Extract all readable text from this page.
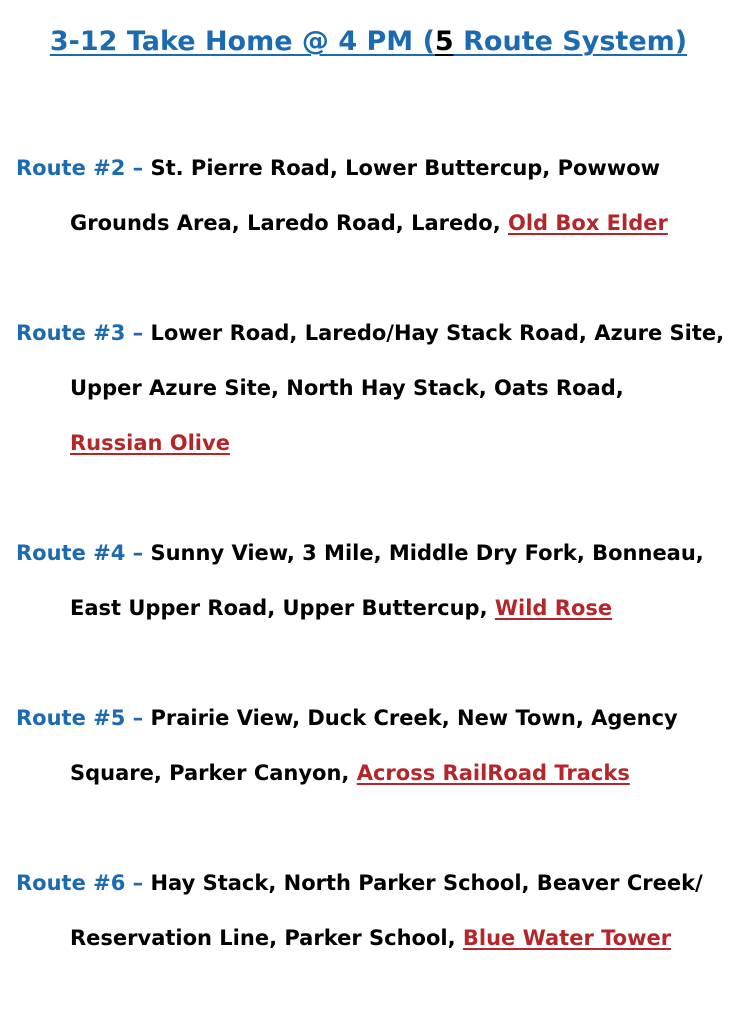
3-12 Take Home @ 4 PM (5 Route System)
Route #2 – St. Pierre Road, Lower Buttercup, Powwow
Grounds Area, Laredo Road, Laredo, Old Box Elder
Route #3 – Lower Road, Laredo/Hay Stack Road, Azure Site,
Upper Azure Site, North Hay Stack, Oats Road,
Russian Olive
Route #4 – Sunny View, 3 Mile, Middle Dry Fork, Bonneau,
East Upper Road, Upper Buttercup, Wild Rose
Route #5 – Prairie View, Duck Creek, New Town, Agency
Square, Parker Canyon, Across RailRoad Tracks
Route #6 – Hay Stack, North Parker School, Beaver Creek/
Reservation Line, Parker School, Blue Water Tower
